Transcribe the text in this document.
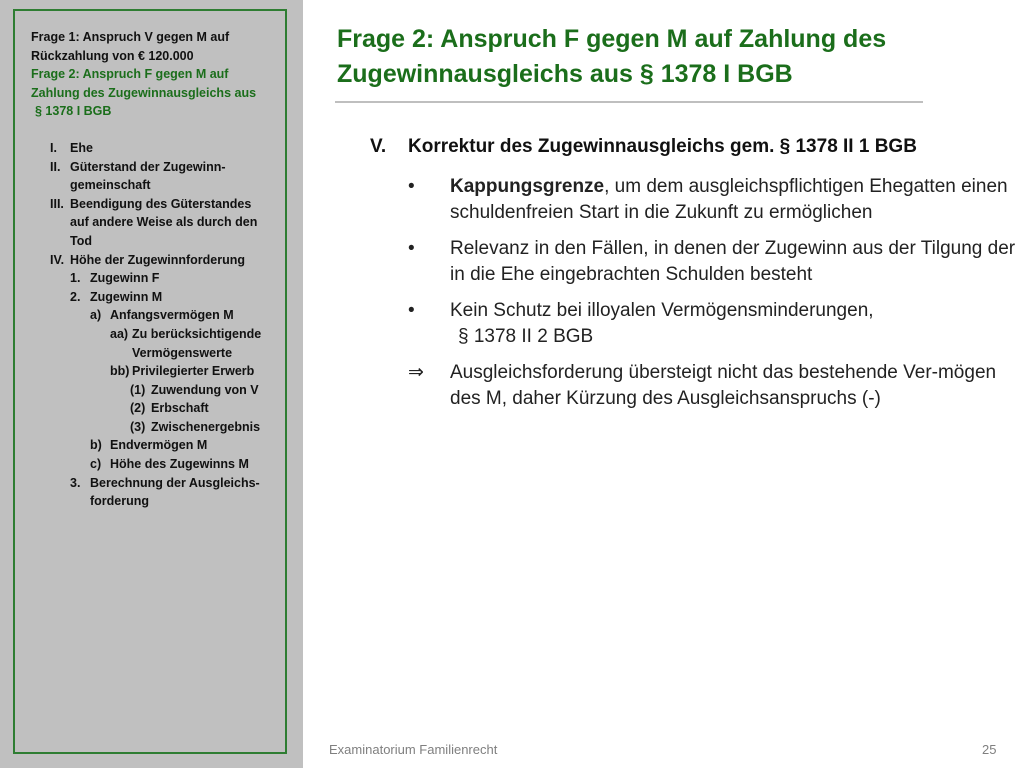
Frage 1: Anspruch V gegen M auf
Rückzahlung von € 120.000
Frage 2: Anspruch F gegen M auf
Zahlung des Zugewinnausgleichs aus
§ 1378 I BGB
I. Ehe
II. Güterstand der Zugewinn-
gemeinschaft
III. Beendigung des Güterstandes
auf andere Weise als durch den
Tod
IV. Höhe der Zugewinnforderung
1. Zugewinn F
2. Zugewinn M
a) Anfangsvermögen M
aa) Zu berücksichtigende
Vermögenswerte
bb) Privilegierter Erwerb
(1) Zuwendung von V
(2) Erbschaft
(3) Zwischenergebnis
b) Endvermögen M
c) Höhe des Zugewinns M
3. Berechnung der Ausgleichs-
forderung
Frage 2: Anspruch F gegen M auf Zahlung des
Zugewinnausgleichs aus § 1378 I BGB
V. Korrektur des Zugewinnausgleichs gem. § 1378 II 1 BGB
•	Kappungsgrenze, um dem ausgleichspflichtigen Ehegatten einen schuldenfreien Start in die Zukunft zu ermöglichen
•	Relevanz in den Fällen, in denen der Zugewinn aus der Tilgung der in die Ehe eingebrachten Schulden besteht
•	Kein Schutz bei illoyalen Vermögensminderungen,
§ 1378 II 2 BGB
⇒	Ausgleichsforderung übersteigt nicht das bestehende Ver-mögen des M, daher Kürzung des Ausgleichsanspruchs (-)
Examinatorium Familienrecht	25
